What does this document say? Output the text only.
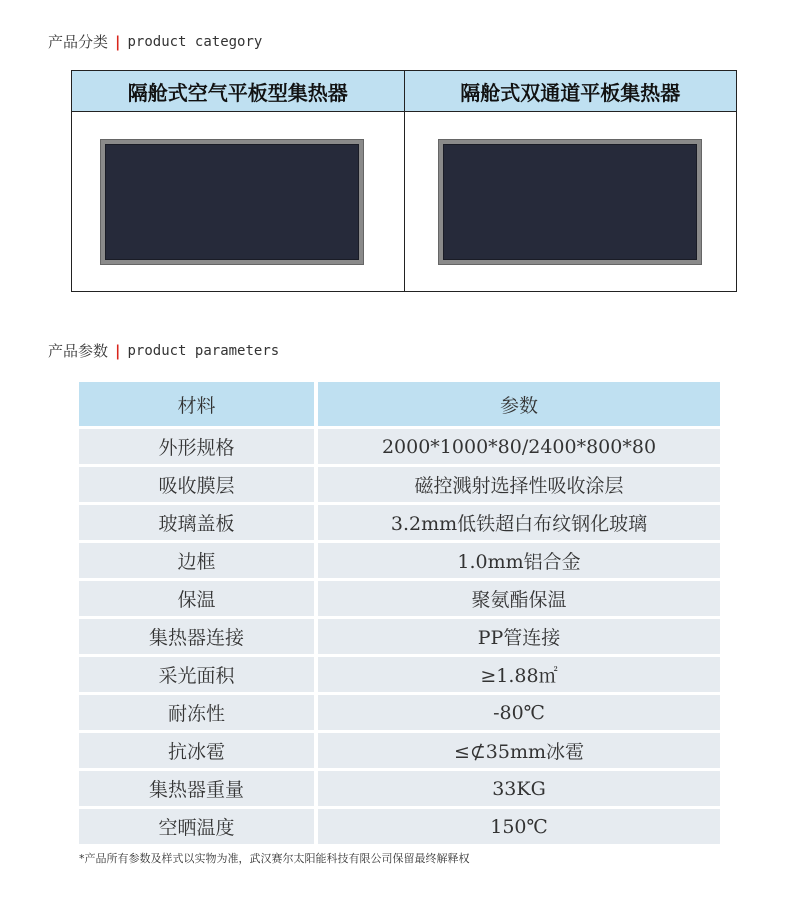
产品分类 | product category
隔舱式空气平板型集热器	隔舱式双通道平板集热器
产品参数 | product parameters
材料	参数
外形规格	2000*1000*80/2400*800*80
吸收膜层	磁控溅射选择性吸收涂层
玻璃盖板	3.2mm低铁超白布纹钢化玻璃
边框	1.0mm铝合金
保温	聚氨酯保温
集热器连接	PP管连接
采光面积	≥1.88㎡
耐冻性	-80℃
抗冰雹	≤⊄35mm冰雹
集热器重量	33KG
空晒温度	150℃
*产品所有参数及样式以实物为准，武汉赛尔太阳能科技有限公司保留最终解释权
